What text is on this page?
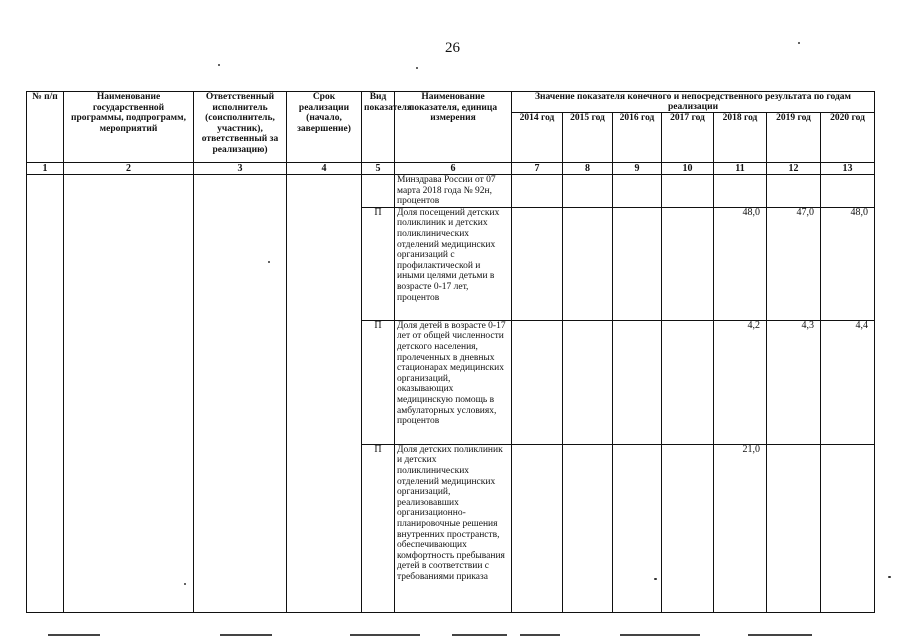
26
№ п/п	Наименование государственной программы, подпрограмм, мероприятий	Ответственный исполнитель (соисполнитель, участник), ответственный за реализацию)	Срок реализации (начало, завершение)	Вид показателя	Наименование показателя, единица измерения	Значение показателя конечного и непосредственного результата по годам реализации						
						2014 год	2015 год	2016 год	2017 год	2018 год	2019 год	2020 год
1	2	3	4	5	6	7	8	9	10	11	12	13
					Минздрава России от 07 марта 2018 года № 92н, процентов							
				П	Доля посещений детских поликлиник и детских поликлинических отделений медицинских организаций с профилактической и иными целями детьми в возрасте 0-17 лет, процентов					48,0	47,0	48,0
				П	Доля детей в возрасте 0-17 лет от общей численности детского населения, пролеченных в дневных стационарах медицинских организаций, оказывающих медицинскую помощь в амбулаторных условиях, процентов					4,2	4,3	4,4
				П	Доля детских поликлиник и детских поликлинических отделений медицинских организаций, реализовавших организационно-планировочные решения внутренних пространств, обеспечивающих комфортность пребывания детей в соответствии с требованиями приказа					21,0		
